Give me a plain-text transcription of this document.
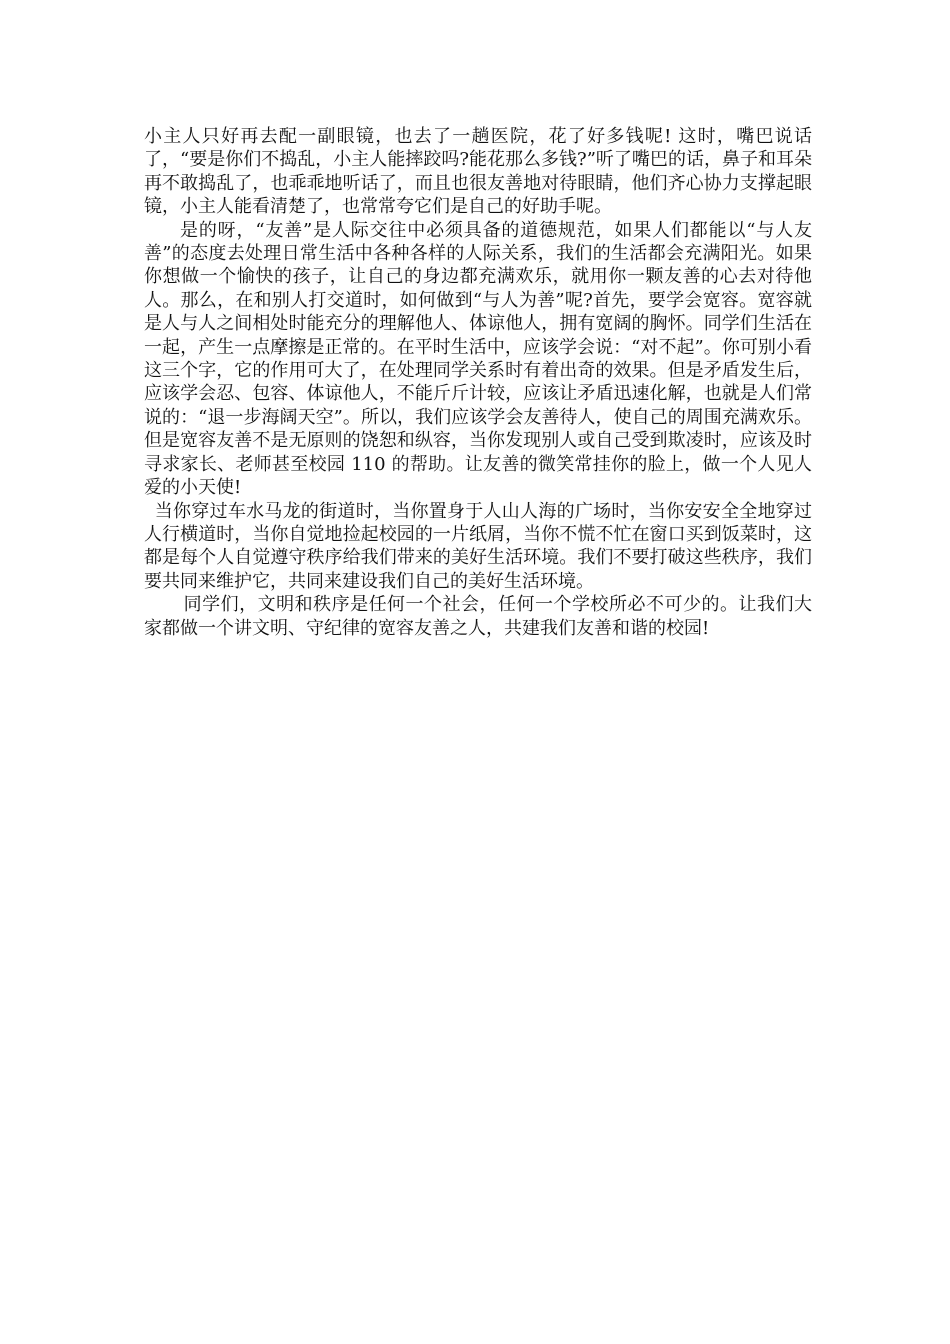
小主人只好再去配一副眼镜，也去了一趟医院，花了好多钱呢! 这时，嘴巴说话了，“要是你们不捣乱，小主人能摔跤吗?能花那么多钱?”听了嘴巴的话，鼻子和耳朵再不敢捣乱了，也乖乖地听话了，而且也很友善地对待眼睛，他们齐心协力支撑起眼镜，小主人能看清楚了，也常常夸它们是自己的好助手呢。

是的呀，“友善”是人际交往中必须具备的道德规范，如果人们都能以“与人友善”的态度去处理日常生活中各种各样的人际关系，我们的生活都会充满阳光。如果你想做一个愉快的孩子，让自己的身边都充满欢乐，就用你一颗友善的心去对待他人。那么，在和别人打交道时，如何做到“与人为善”呢?首先，要学会宽容。宽容就是人与人之间相处时能充分的理解他人、体谅他人，拥有宽阔的胸怀。同学们生活在一起，产生一点摩擦是正常的。在平时生活中，应该学会说：“对不起”。你可别小看这三个字，它的作用可大了，在处理同学关系时有着出奇的效果。但是矛盾发生后，应该学会忍、包容、体谅他人，不能斤斤计较，应该让矛盾迅速化解，也就是人们常说的：“退一步海阔天空”。所以，我们应该学会友善待人，使自己的周围充满欢乐。但是宽容友善不是无原则的饶恕和纵容，当你发现别人或自己受到欺凌时，应该及时寻求家长、老师甚至校园 110 的帮助。让友善的微笑常挂你的脸上，做一个人见人爱的小天使!

当你穿过车水马龙的街道时，当你置身于人山人海的广场时，当你安安全全地穿过人行横道时，当你自觉地捡起校园的一片纸屑，当你不慌不忙在窗口买到饭菜时，这都是每个人自觉遵守秩序给我们带来的美好生活环境。我们不要打破这些秩序，我们要共同来维护它，共同来建设我们自己的美好生活环境。

同学们，文明和秩序是任何一个社会，任何一个学校所必不可少的。让我们大家都做一个讲文明、守纪律的宽容友善之人，共建我们友善和谐的校园!
